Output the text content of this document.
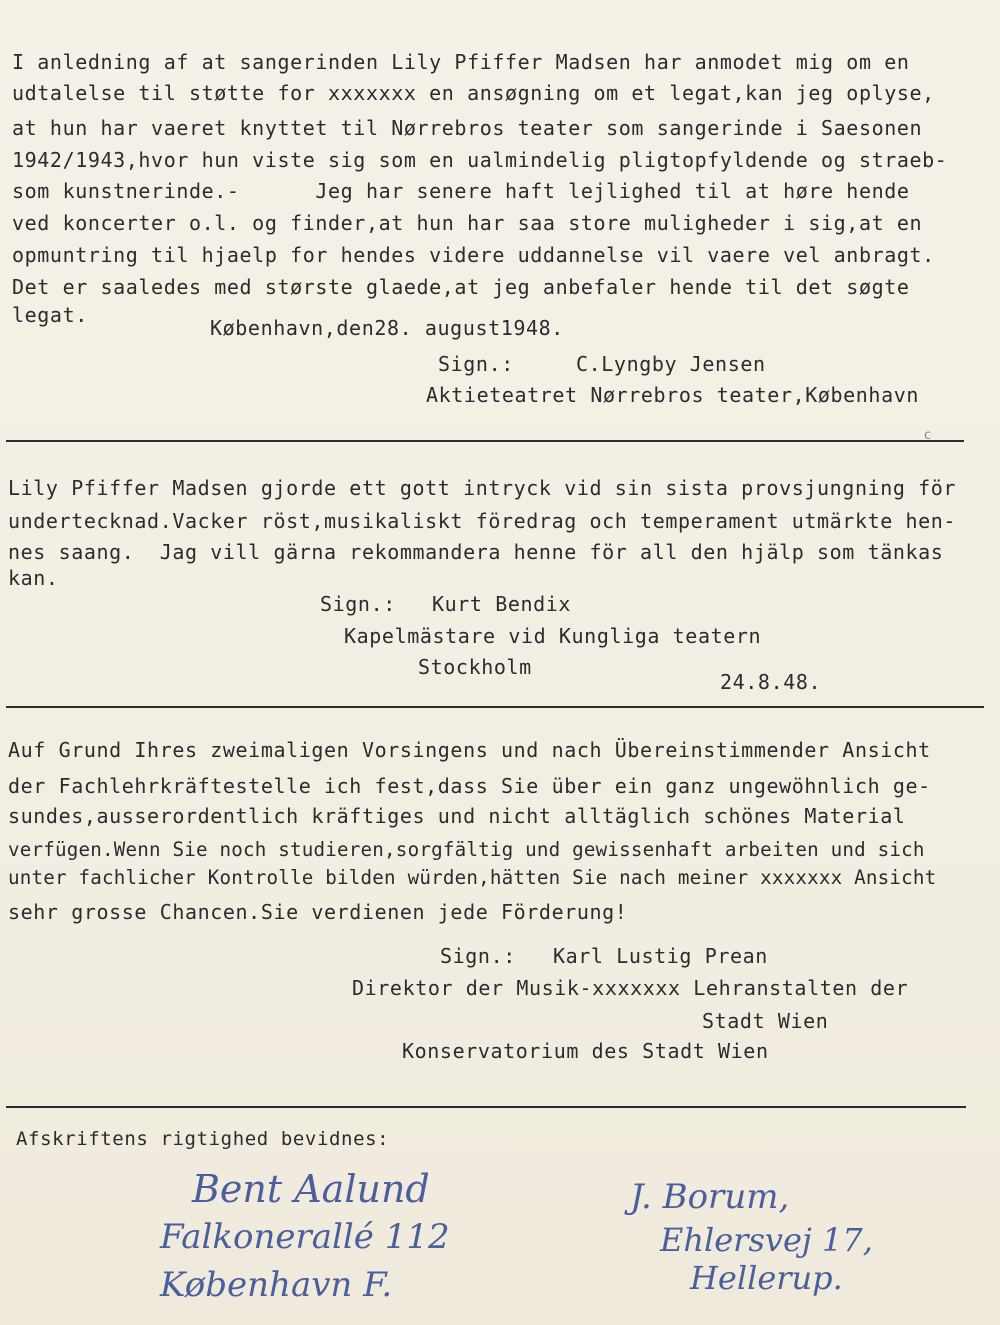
I anledning af at sangerinden Lily Pfiffer Madsen har anmodet mig om en
udtalelse til støtte for xxxxxxx en ansøgning om et legat,kan jeg oplyse,
at hun har vaeret knyttet til Nørrebros teater som sangerinde i Saesonen
1942/1943,hvor hun viste sig som en ualmindelig pligtopfyldende og straeb-
som kunstnerinde.-      Jeg har senere haft lejlighed til at høre hende
ved koncerter o.l. og finder,at hun har saa store muligheder i sig,at en
opmuntring til hjaelp for hendes videre uddannelse vil vaere vel anbragt.
Det er saaledes med største glaede,at jeg anbefaler hende til det søgte
legat.
København,den28. august1948.
Sign.:	C.Lyngby Jensen
Aktieteatret Nørrebros teater,København
c
Lily Pfiffer Madsen gjorde ett gott intryck vid sin sista provsjungning för
undertecknad.Vacker röst,musikaliskt föredrag och temperament utmärkte hen-
nes saang.  Jag vill gärna rekommandera henne för all den hjälp som tänkas
kan.
Sign.: Kurt Bendix
Kapelmästare vid Kungliga teatern
Stockholm
24.8.48.
Auf Grund Ihres zweimaligen Vorsingens und nach Übereinstimmender Ansicht
der Fachlehrkräftestelle ich fest,dass Sie über ein ganz ungewöhnlich ge-
sundes,ausserordentlich kräftiges und nicht alltäglich schönes Material
verfügen.Wenn Sie noch studieren,sorgfältig und gewissenhaft arbeiten und sich
unter fachlicher Kontrolle bilden würden,hätten Sie nach meiner xxxxxxx Ansicht
sehr grosse Chancen.Sie verdienen jede Förderung!
Sign.: Karl Lustig Prean
Direktor der Musik-xxxxxxx Lehranstalten der
Stadt Wien
Konservatorium des Stadt Wien
Afskriftens rigtighed bevidnes:
Bent Aalund
Falkonerallé 112
København F.
J. Borum,
Ehlersvej 17,
Hellerup.
